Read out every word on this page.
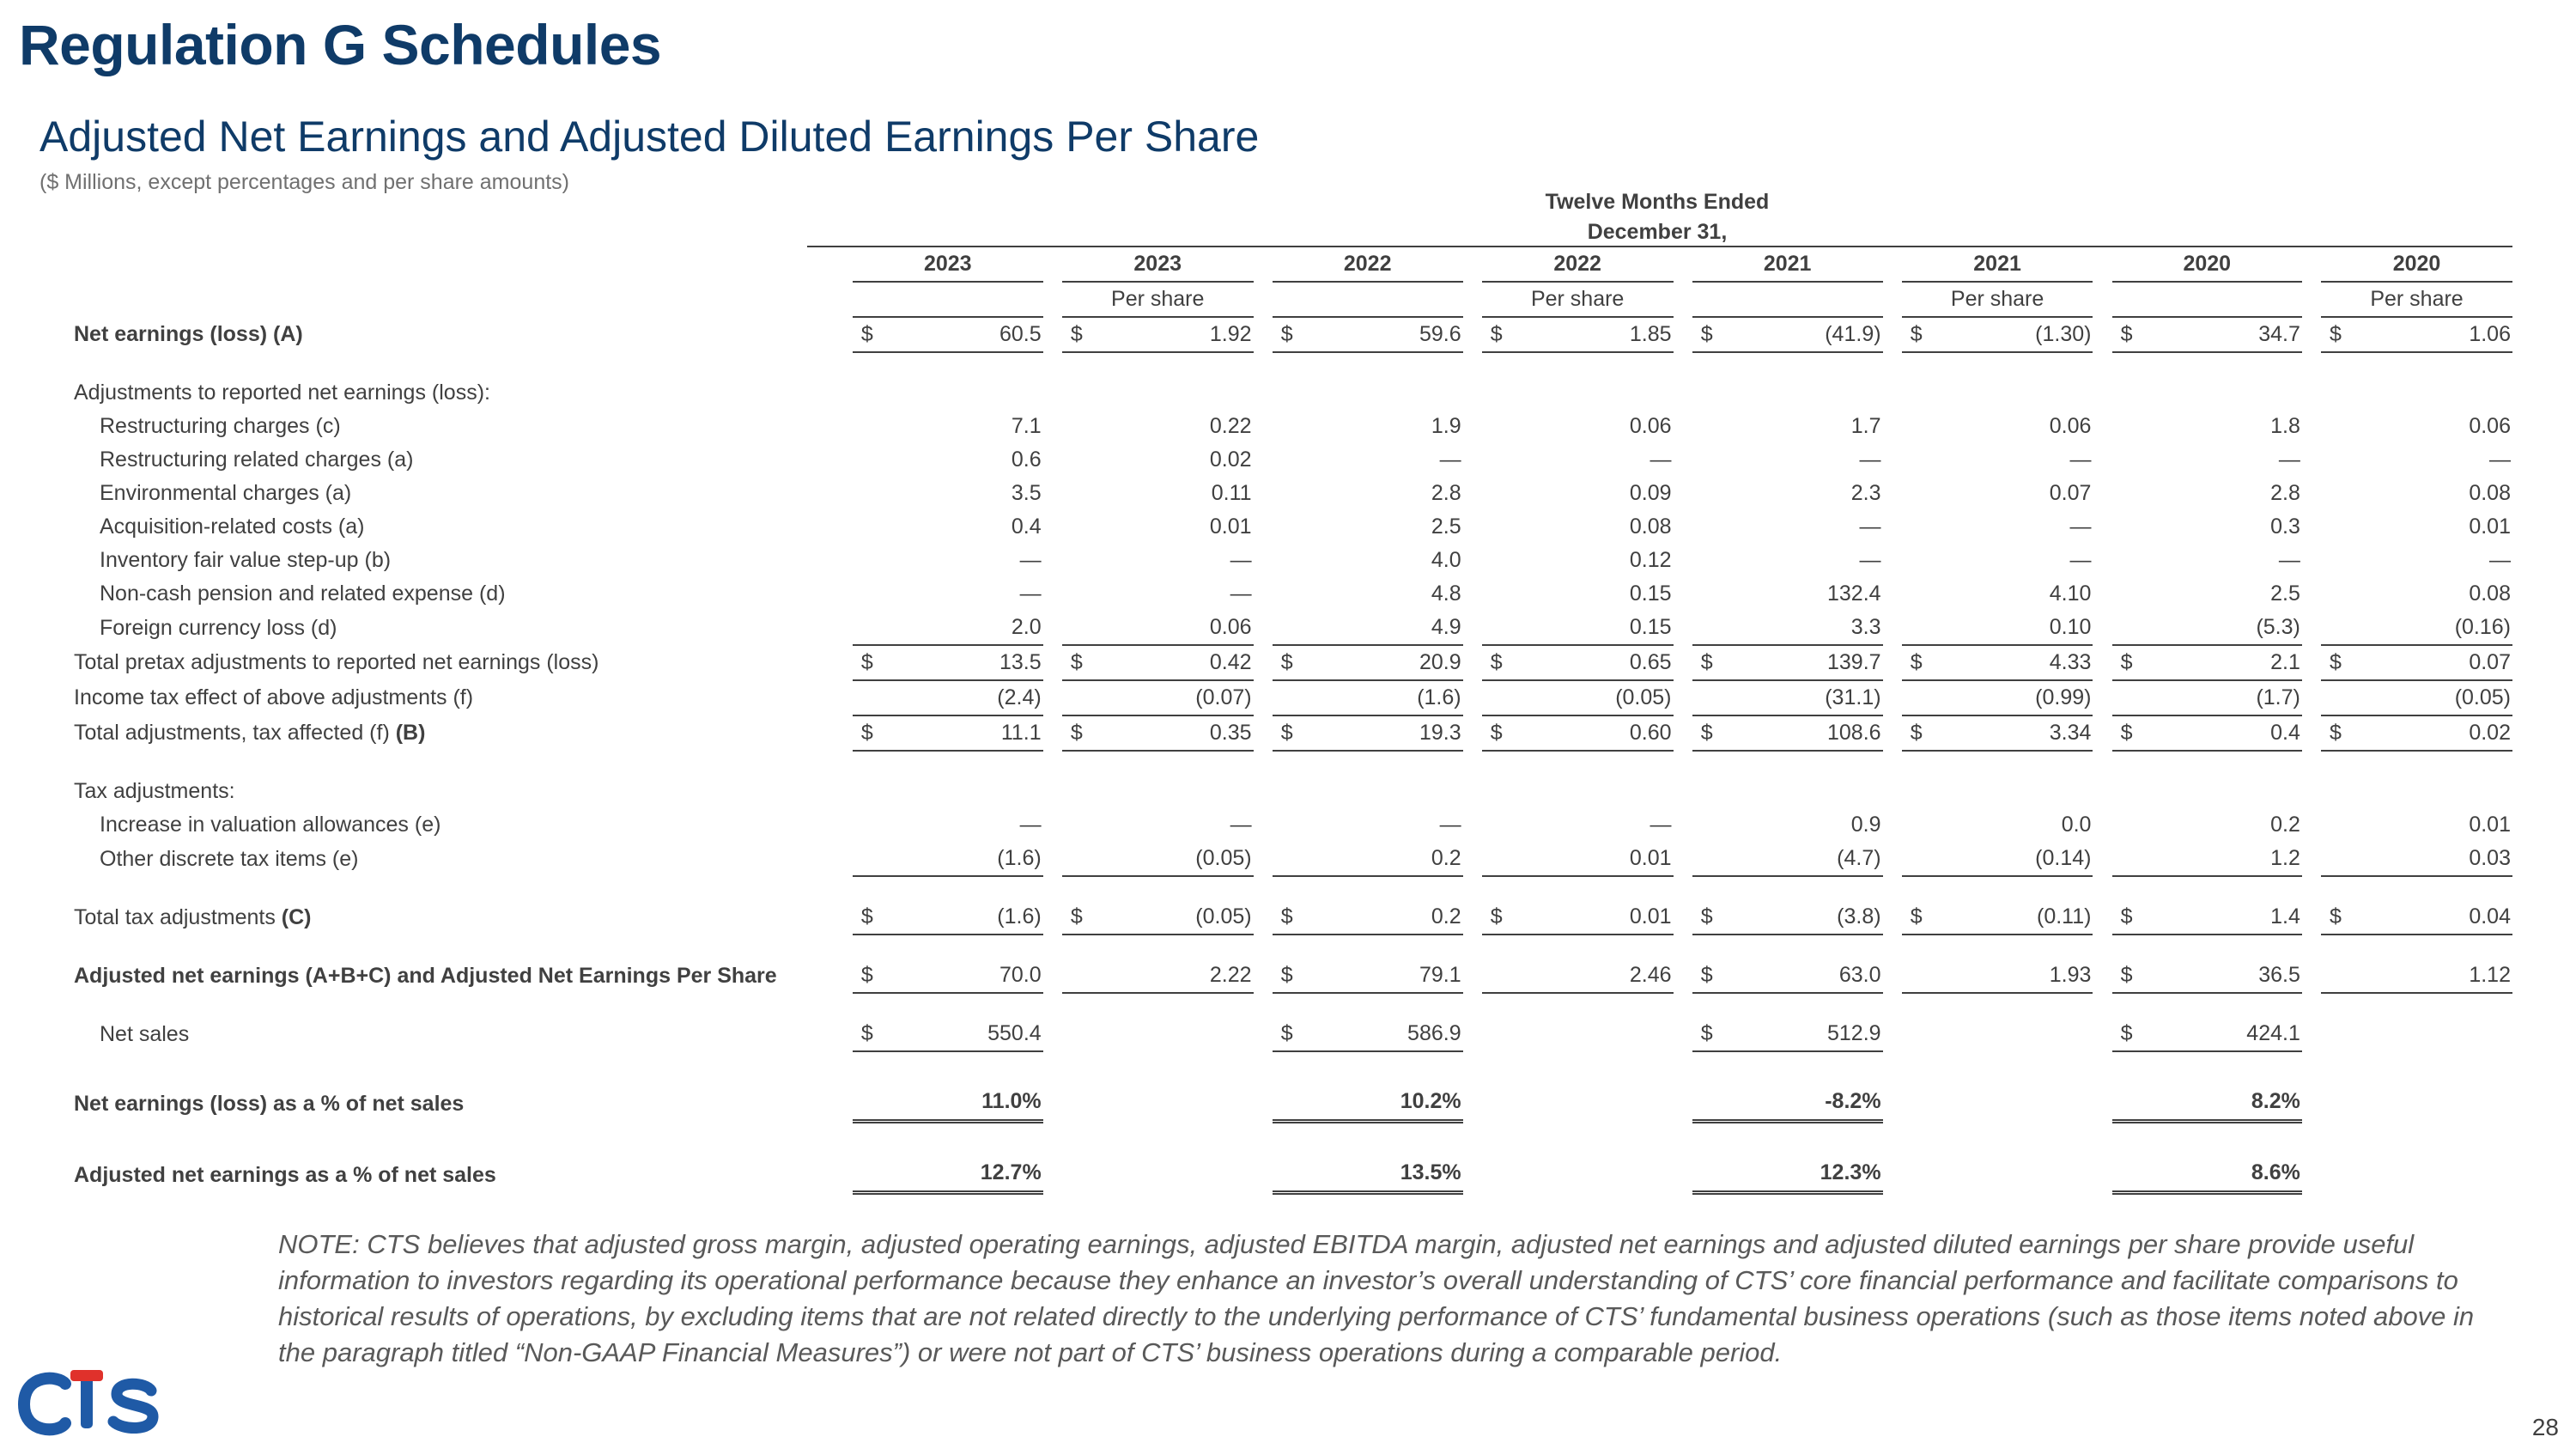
Regulation G Schedules
Adjusted Net Earnings and Adjusted Diluted Earnings Per Share
($ Millions, except percentages and per share amounts)
Twelve Months Ended
December 31,
		2023			2023			2022			2022			2021			2021			2020			2020	
					Per share						Per share						Per share						Per share	
Net earnings (loss) (A)		$	60.5		$	1.92		$	59.6		$	1.85		$	(41.9)		$	(1.30)		$	34.7		$	1.06

Adjustments to reported net earnings (loss):																								
Restructuring charges (c)			7.1			0.22			1.9			0.06			1.7			0.06			1.8			0.06
Restructuring related charges (a)			0.6			0.02			—			—			—			—			—			—
Environmental charges (a)			3.5			0.11			2.8			0.09			2.3			0.07			2.8			0.08
Acquisition-related costs (a)			0.4			0.01			2.5			0.08			—			—			0.3			0.01
Inventory fair value step-up (b)			—			—			4.0			0.12			—			—			—			—
Non-cash pension and related expense (d)			—			—			4.8			0.15			132.4			4.10			2.5			0.08
Foreign currency loss (d)			2.0			0.06			4.9			0.15			3.3			0.10			(5.3)			(0.16)
Total pretax adjustments to reported net earnings (loss)		$	13.5		$	0.42		$	20.9		$	0.65		$	139.7		$	4.33		$	2.1		$	0.07
Income tax effect of above adjustments (f)			(2.4)			(0.07)			(1.6)			(0.05)			(31.1)			(0.99)			(1.7)			(0.05)
Total adjustments, tax affected (f) (B)		$	11.1		$	0.35		$	19.3		$	0.60		$	108.6		$	3.34		$	0.4		$	0.02

Tax adjustments:																								
Increase in valuation allowances (e)			—			—			—			—			0.9			0.0			0.2			0.01
Other discrete tax items (e)			(1.6)			(0.05)			0.2			0.01			(4.7)			(0.14)			1.2			0.03

Total tax adjustments (C)		$	(1.6)		$	(0.05)		$	0.2		$	0.01		$	(3.8)		$	(0.11)		$	1.4		$	0.04

Adjusted net earnings (A+B+C) and Adjusted Net Earnings Per Share		$	70.0			2.22		$	79.1			2.46		$	63.0			1.93		$	36.5			1.12

Net sales		$	550.4					$	586.9					$	512.9					$	424.1			
Net earnings (loss) as a % of net sales			11.0%						10.2%						-8.2%						8.2%			
Adjusted net earnings as a % of net sales			12.7%						13.5%						12.3%						8.6%			
NOTE: CTS believes that adjusted gross margin, adjusted operating earnings, adjusted EBITDA margin, adjusted net earnings and adjusted diluted earnings per share provide useful information to investors regarding its operational performance because they enhance an investor’s overall understanding of CTS’ core financial performance and facilitate comparisons to historical results of operations, by excluding items that are not related directly to the underlying performance of CTS’ fundamental business operations (such as those items noted above in the paragraph titled “Non-GAAP Financial Measures”) or were not part of CTS’ business operations during a comparable period.
28
